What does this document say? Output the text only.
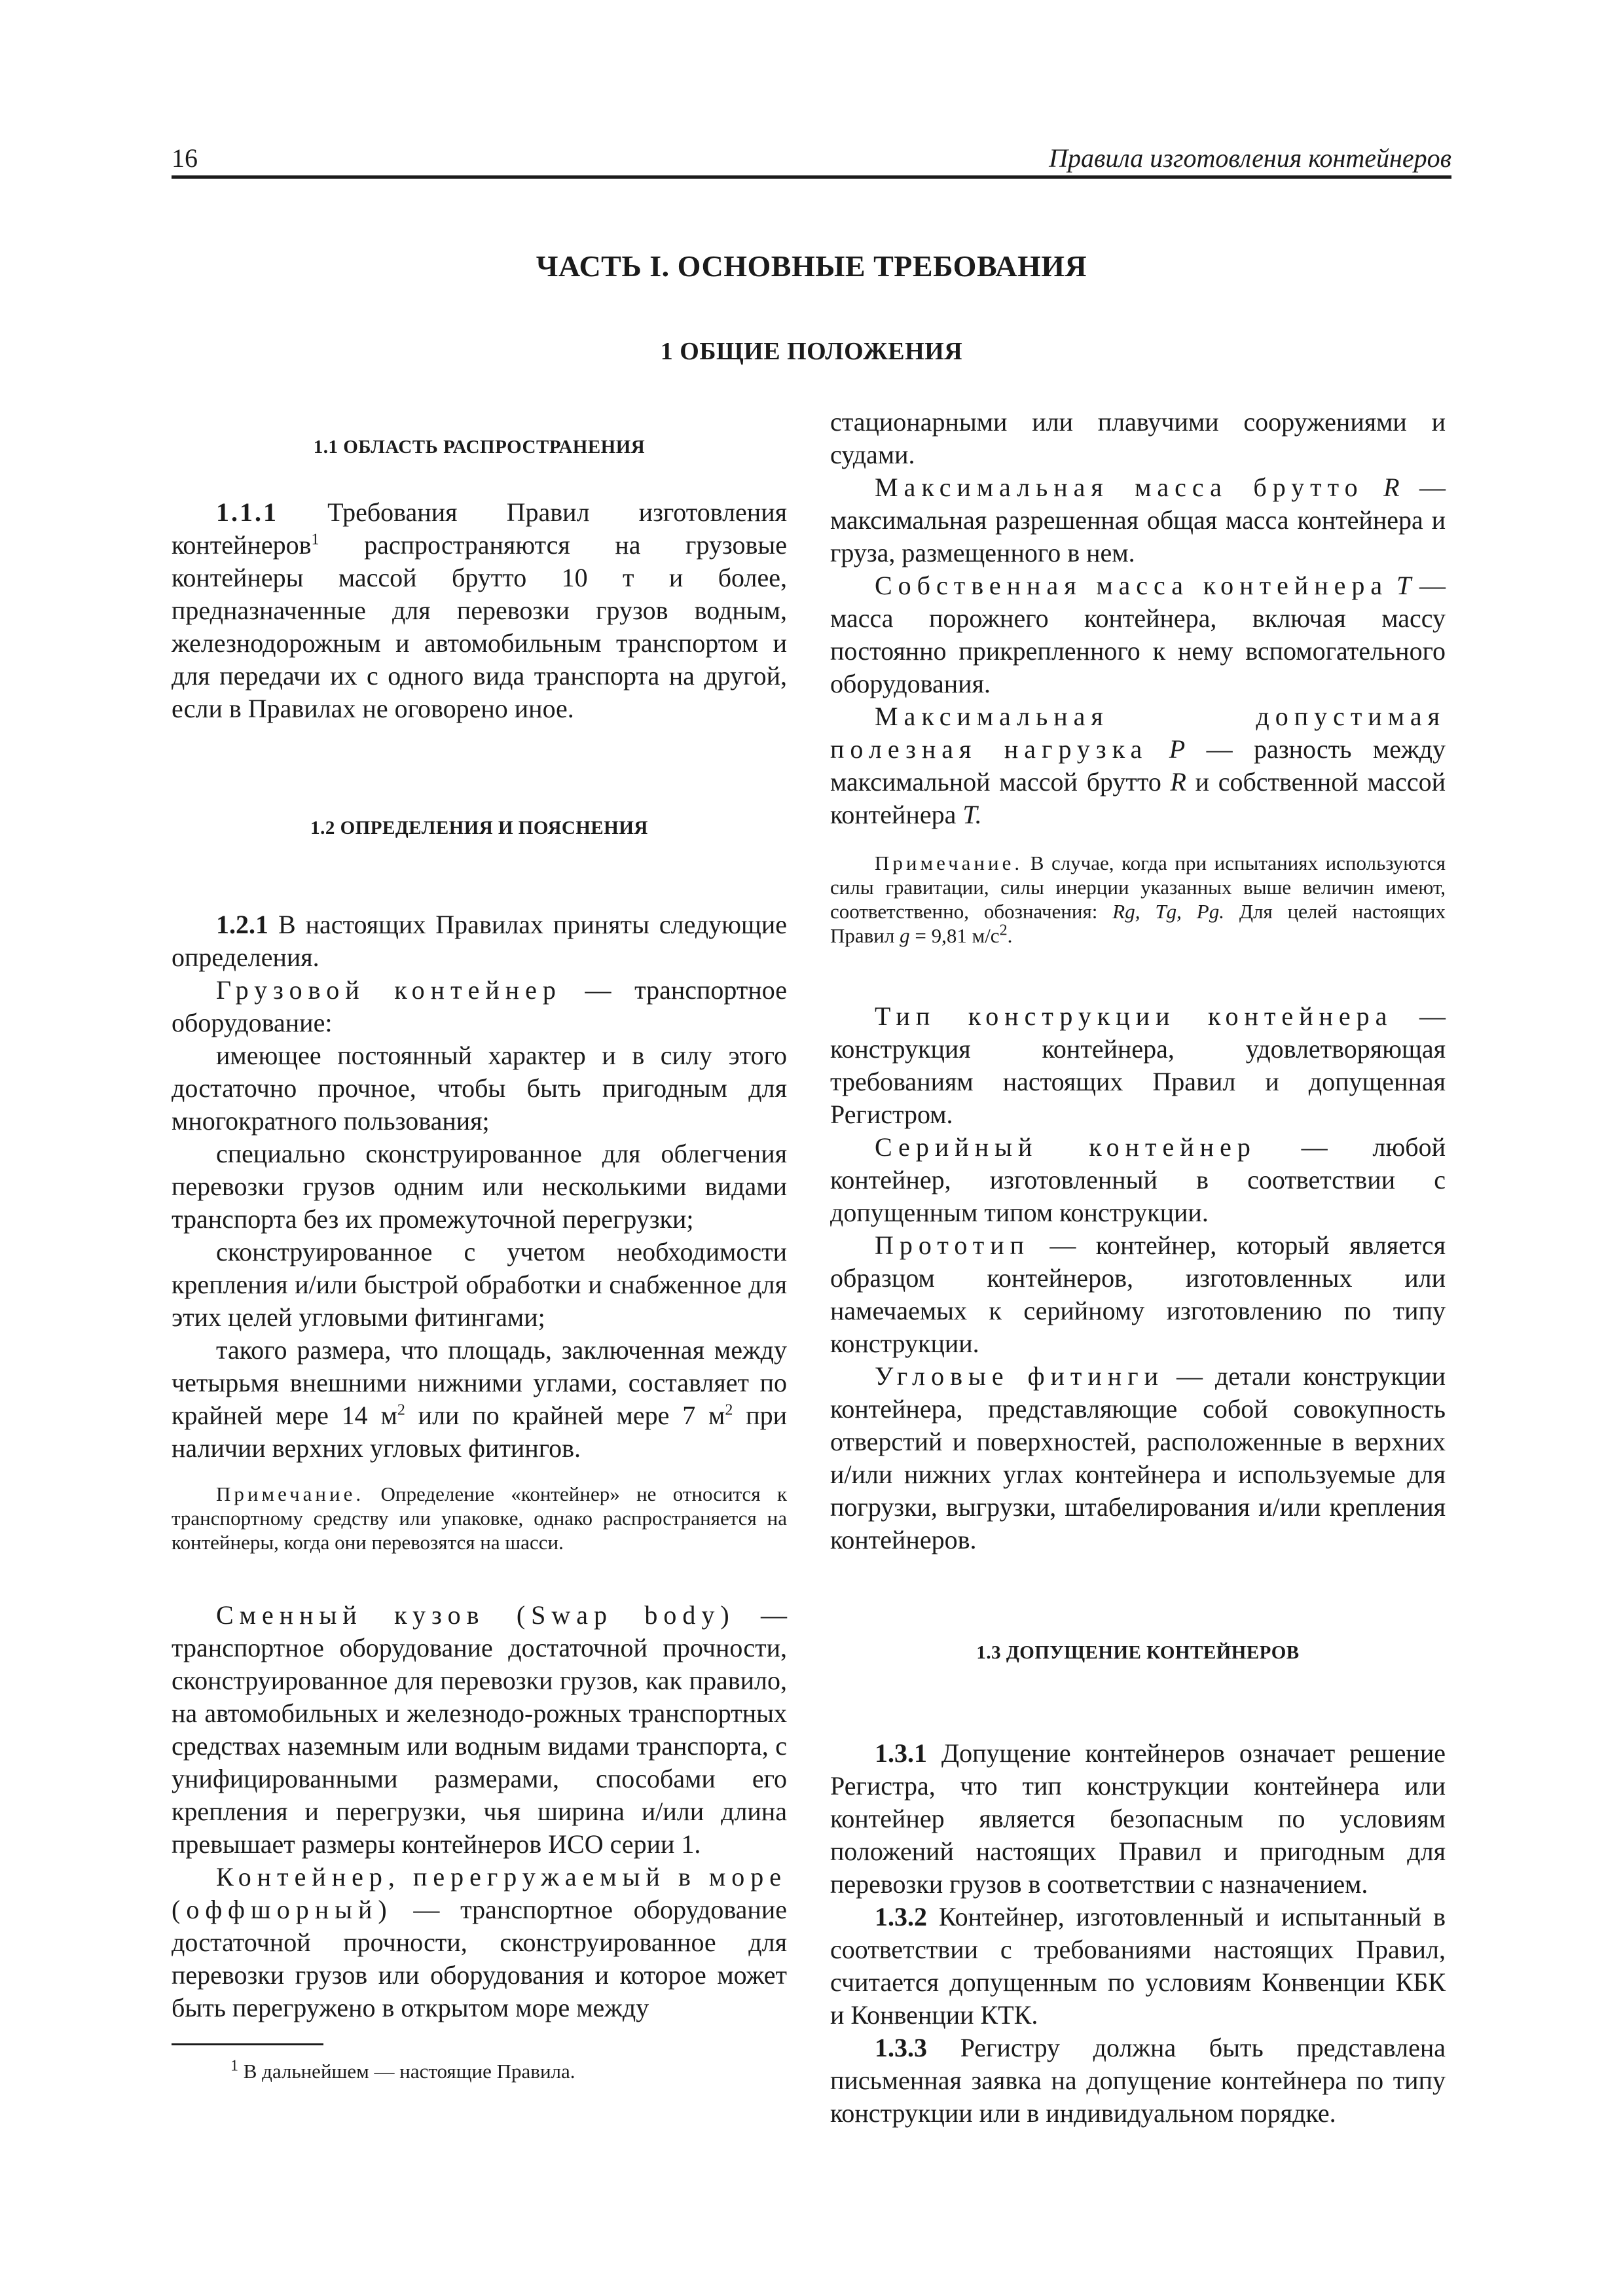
16	Правила изготовления контейнеров
ЧАСТЬ I. ОСНОВНЫЕ ТРЕБОВАНИЯ
1 ОБЩИЕ ПОЛОЖЕНИЯ

1.1 ОБЛАСТЬ РАСПРОСТРАНЕНИЯ

1.1.1 Требования Правил изготовления контейнеров$^1$ распространяются на грузовые контейнеры массой брутто 10 т и более, предназначенные для перевозки грузов водным, железнодорожным и автомобильным транспортом и для передачи их с одного вида транспорта на другой, если в Правилах не оговорено иное.

1.2 ОПРЕДЕЛЕНИЯ И ПОЯСНЕНИЯ

1.2.1 В настоящих Правилах приняты следующие определения.

Грузовой контейнер — транспортное оборудование:

имеющее постоянный характер и в силу этого достаточно прочное, чтобы быть пригодным для многократного пользования;

специально сконструированное для облегчения перевозки грузов одним или несколькими видами транспорта без их промежуточной перегрузки;

сконструированное с учетом необходимости крепления и/или быстрой обработки и снабженное для этих целей угловыми фитингами;

такого размера, что площадь, заключенная между четырьмя внешними нижними углами, составляет по крайней мере 14 $м^2$ или по крайней мере 7 $м^2$ при наличии верхних угловых фитингов.

Примечание. Определение «контейнер» не относится к транспортному средству или упаковке, однако распространяется на контейнеры, когда они перевозятся на шасси.

Сменный кузов (Swap body) — транспортное оборудование достаточной прочности, сконструированное для перевозки грузов, как правило, на автомобильных и железнодо-рожных транспортных средствах наземным или водным видами транспорта, с унифицированными размерами, способами его крепления и перегрузки, чья ширина и/или длина превышает размеры контейнеров ИСО серии 1.

Контейнер, перегружаемый в море (оффшорный) — транспортное оборудование достаточной прочности, сконструированное для перевозки грузов или оборудования и которое может быть перегружено в открытом море между

стационарными или плавучими сооружениями и судами.

Максимальная масса брутто R — максимальная разрешенная общая масса контейнера и груза, размещенного в нем.

Собственная масса контейнера T — масса порожнего контейнера, включая массу постоянно прикрепленного к нему вспомогательного оборудования.

Максимальная допустимая полезная нагрузка P — разность между максимальной массой брутто R и собственной массой контейнера T.

Примечание. В случае, когда при испытаниях используются силы гравитации, силы инерции указанных выше величин имеют, соответственно, обозначения: Rg, Tg, Pg. Для целей настоящих Правил g = 9,81 $м/с^2$.

Тип конструкции контейнера — конструкция контейнера, удовлетворяющая требованиям настоящих Правил и допущенная Регистром.

Серийный контейнер — любой контейнер, изготовленный в соответствии с допущенным типом конструкции.

Прототип — контейнер, который является образцом контейнеров, изготовленных или намечаемых к серийному изготовлению по типу конструкции.

Угловые фитинги — детали конструкции контейнера, представляющие собой совокупность отверстий и поверхностей, расположенные в верхних и/или нижних углах контейнера и используемые для погрузки, выгрузки, штабелирования и/или крепления контейнеров.

1.3 ДОПУЩЕНИЕ КОНТЕЙНЕРОВ

1.3.1 Допущение контейнеров означает решение Регистра, что тип конструкции контейнера или контейнер является безопасным по условиям положений настоящих Правил и пригодным для перевозки грузов в соответствии с назначением.

1.3.2 Контейнер, изготовленный и испытанный в соответствии с требованиями настоящих Правил, считается допущенным по условиям Конвенции КБК и Конвенции КТК.

1.3.3 Регистру должна быть представлена письменная заявка на допущение контейнера по типу конструкции или в индивидуальном порядке.

$^1$ В дальнейшем — настоящие Правила.
